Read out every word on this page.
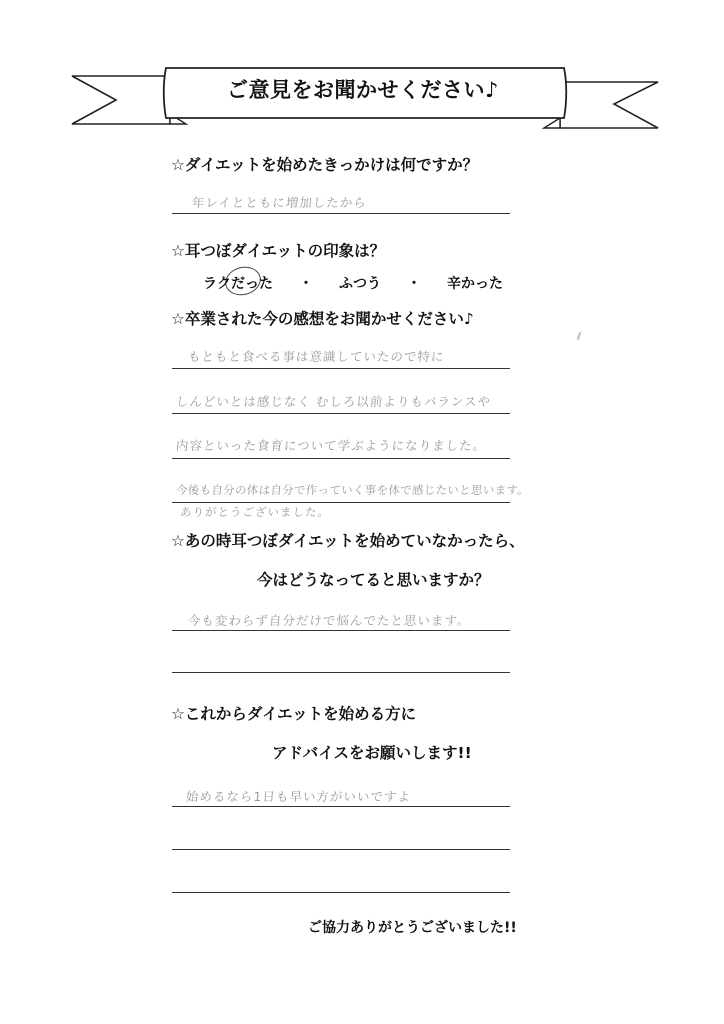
ご意見をお聞かせください♪
☆ダイエットを始めたきっかけは何ですか？
年レイとともに増加したから
☆耳つぼダイエットの印象は？
ラクだった ・ ふつう ・ 辛かった
☆卒業された今の感想をお聞かせください♪
もともと食べる事は意識していたので特に
しんどいとは感じなく むしろ以前よりもバランスや
内容といった食育について学ぶようになりました。
今後も自分の体は自分で作っていく事を体で感じたいと思います。
ありがとうございました。
☆あの時耳つぼダイエットを始めていなかったら、
今はどうなってると思いますか？
今も変わらず自分だけで悩んでたと思います。
☆これからダイエットを始める方に
アドバイスをお願いします!!
始めるなら1日も早い方がいいですよ
ご協力ありがとうございました!!
